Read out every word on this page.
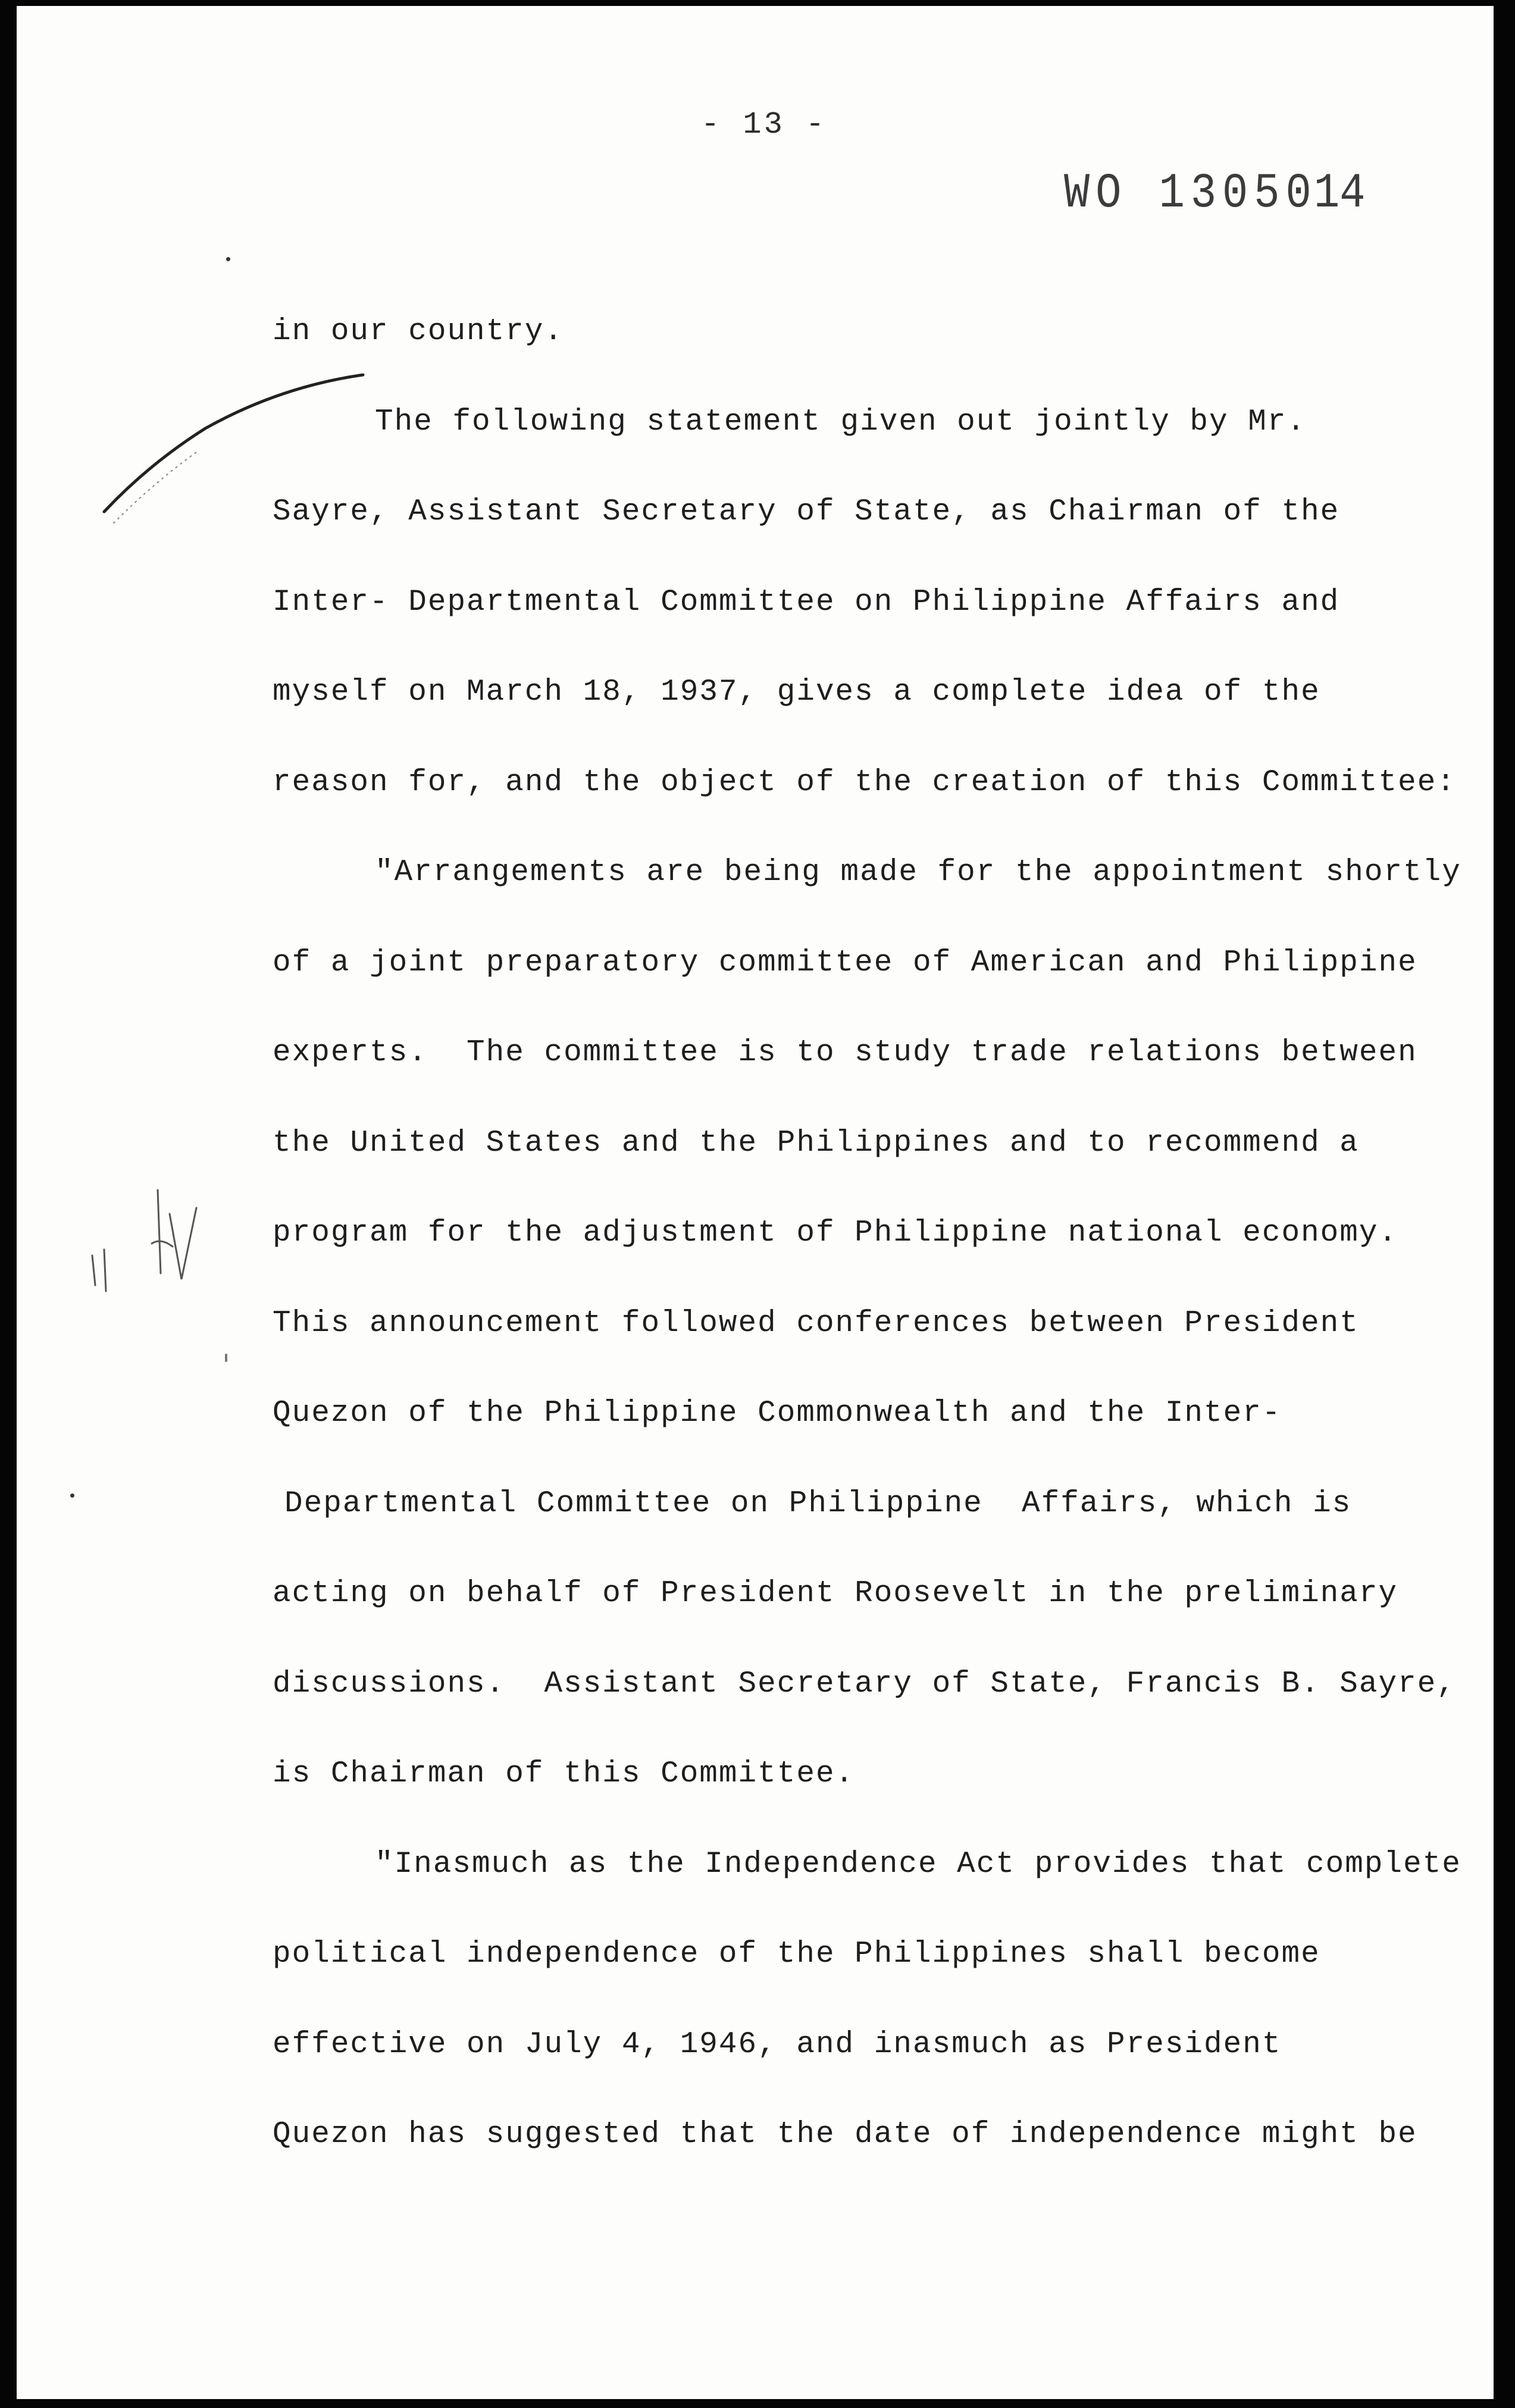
- 13 -
WO 13050
14
in our country.
The following statement given out jointly by Mr.
Sayre, Assistant Secretary of State, as Chairman of the
Inter- Departmental Committee on Philippine Affairs and
myself on March 18, 1937, gives a complete idea of the
reason for, and the object of the creation of this Committee:
"Arrangements are being made for the appointment shortly
of a joint preparatory committee of American and Philippine
experts.  The committee is to study trade relations between
the United States and the Philippines and to recommend a
program for the adjustment of Philippine national economy.
This announcement followed conferences between President
Quezon of the Philippine Commonwealth and the Inter-
Departmental Committee on Philippine  Affairs, which is
acting on behalf of President Roosevelt in the preliminary
discussions.  Assistant Secretary of State, Francis B. Sayre,
is Chairman of this Committee.
"Inasmuch as the Independence Act provides that complete
political independence of the Philippines shall become
effective on July 4, 1946, and inasmuch as President
Quezon has suggested that the date of independence might be
